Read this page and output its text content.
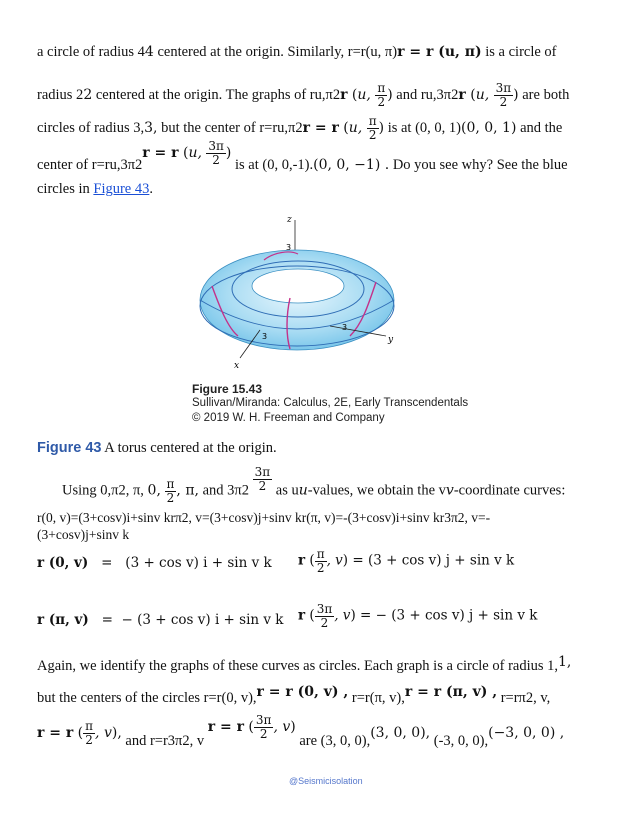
a circle of radius 44 centered at the origin. Similarly, r=r(u, π)r = r (u, π) is a circle of
radius 22 centered at the origin. The graphs of ru,π2r (u, $\frac{\pi}{2}$ ) and ru,3π2r (u, $\frac{3\pi}{2}$ ) are both
circles of radius 3,3, but the center of r=ru,π2r = r (u, $\frac{\pi}{2}$ ) is at (0, 0, 1)(0, 0, 1) and the
center of r=ru,3π2r = r (u, $\frac{3\pi}{2}$ ) is at (0, 0,-1).(0, 0, −1) . Do you see why? See the blue
circles in Figure 43.
z
x
y
3
3
3
Figure 15.43
Sullivan/Miranda: Calculus, 2E, Early Transcendentals
© 2019 W. H. Freeman and Company
Figure 43 A torus centered at the origin.
Using 0,π2, π, 0, $\frac{\pi}{2}$ , π, and $3\pi 2 \frac{3\pi}{2}$ as uu-values, we obtain the vv-coordinate curves:
r(0, v)=(3+cosv)i+sinv krπ2, v=(3+cosv)j+sinv kr(π, v)=-(3+cosv)i+sinv kr3π2, v=-
(3+cosv)j+sinv k
r (0, v) = (3 + cos v) i + sin v k r ( $\frac{\pi}{2}$ , v) = (3 + cos v) j + sin v k
r (π, v) = − (3 + cos v) i + sin v k r ( $\frac{3\pi}{2}$ , v) = − (3 + cos v) j + sin v k
Again, we identify the graphs of these curves as circles. Each graph is a circle of radius 1,1,
but the centers of the circles r=r(0, v),r = r (0, v) , r=r(π, v),r = r (π, v) , r=rπ2, v,
r = r ( $\frac{\pi}{2}$ , v), and r=r3π2, v r = r ( $\frac{3\pi}{2}$ , v) are (3, 0, 0),(3, 0, 0), (-3, 0, 0),(−3, 0, 0) ,
@Seismicisolation
